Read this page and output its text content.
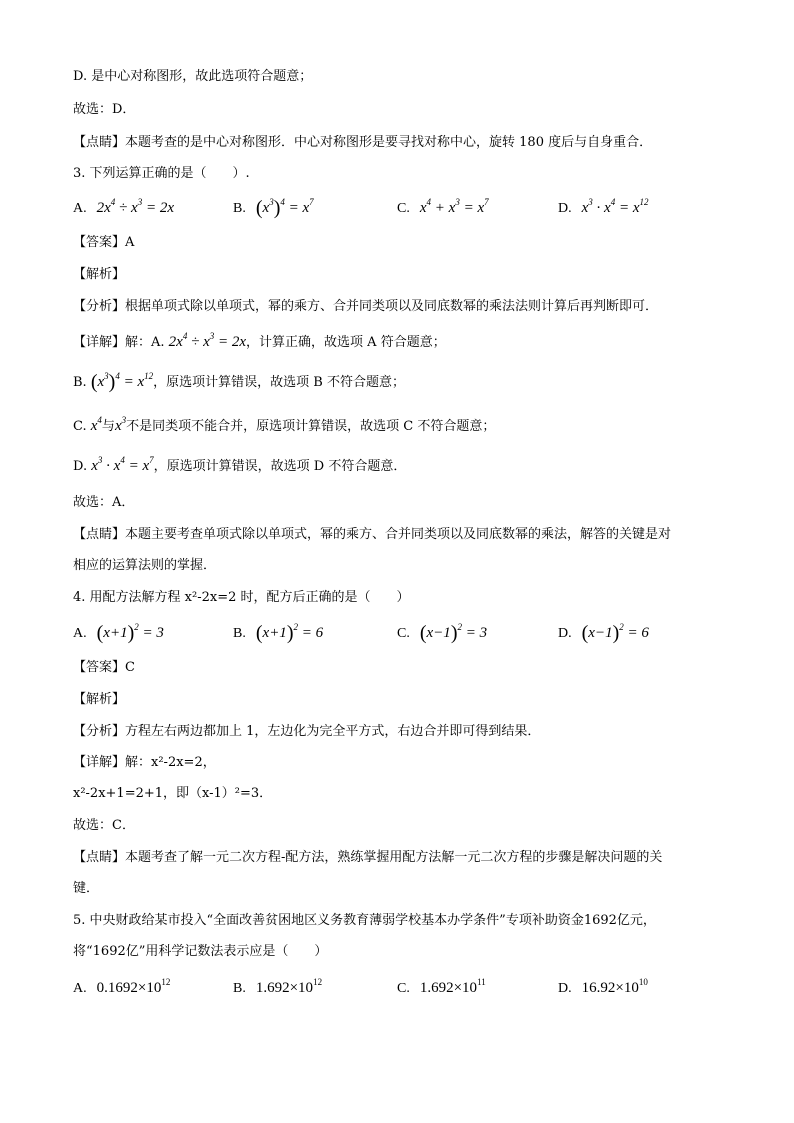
D. 是中心对称图形，故此选项符合题意；
故选：D．
【点睛】本题考查的是中心对称图形．中心对称图形是要寻找对称中心，旋转 180 度后与自身重合．
3. 下列运算正确的是（　　）.
A. $2x^4 \div x^3 = 2x$	B. $(x^3)^4 = x^7$	C. $x^4 + x^3 = x^7$	D. $x^3 \cdot x^4 = x^{12}$
【答案】A
【解析】
【分析】根据单项式除以单项式，幂的乘方、合并同类项以及同底数幂的乘法法则计算后再判断即可．
【详解】解：A. $2x^4 \div x^3 = 2x$，计算正确，故选项 A 符合题意；
B. $(x^3)^4 = x^{12}$，原选项计算错误，故选项 B 不符合题意；
C. $x^4$与$x^3$不是同类项不能合并，原选项计算错误，故选项 C 不符合题意；
D. $x^3 \cdot x^4 = x^7$，原选项计算错误，故选项 D 不符合题意．
故选：A．
【点睛】本题主要考查单项式除以单项式，幂的乘方、合并同类项以及同底数幂的乘法，解答的关键是对
相应的运算法则的掌握．
4. 用配方法解方程 x²-2x=2 时，配方后正确的是（　　）
A. $(x+1)^2 = 3$	B. $(x+1)^2 = 6$	C. $(x-1)^2 = 3$	D. $(x-1)^2 = 6$
【答案】C
【解析】
【分析】方程左右两边都加上 1，左边化为完全平方式，右边合并即可得到结果．
【详解】解：x²-2x=2，
x²-2x+1=2+1，即（x-1）²=3．
故选：C．
【点睛】本题考查了解一元二次方程-配方法，熟练掌握用配方法解一元二次方程的步骤是解决问题的关
键．
5. 中央财政给某市投入“全面改善贫困地区义务教育薄弱学校基本办学条件”专项补助资金1692亿元，
将“1692亿”用科学记数法表示应是（　　）
A. $0.1692\times 10^{12}$	B. $1.692\times 10^{12}$	C. $1.692\times 10^{11}$	D. $16.92\times 10^{10}$
